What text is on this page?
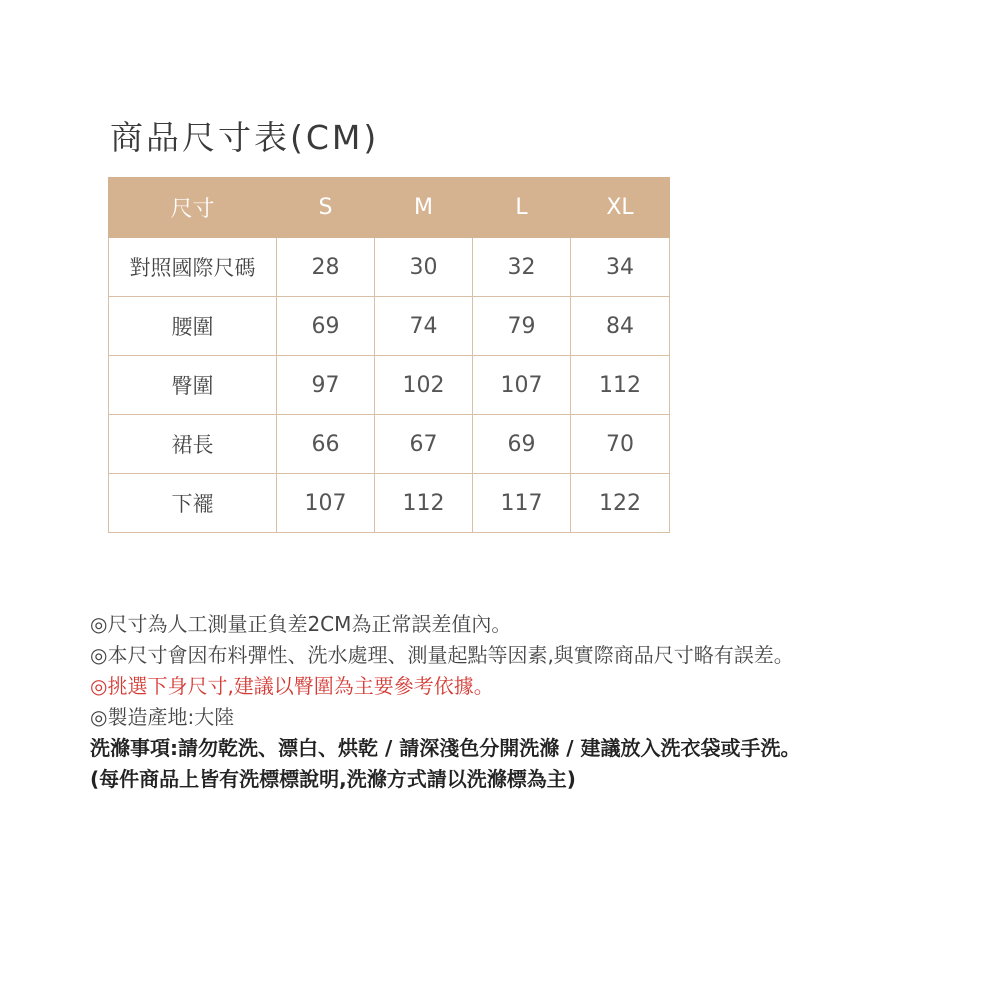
商品尺寸表(CM)
尺寸	S	M	L	XL
對照國際尺碼	28	30	32	34
腰圍	69	74	79	84
臀圍	97	102	107	112
裙長	66	67	69	70
下襬	107	112	117	122
◎尺寸為人工測量正負差2CM為正常誤差值內。
◎本尺寸會因布料彈性、洗水處理、測量起點等因素,與實際商品尺寸略有誤差。
◎挑選下身尺寸,建議以臀圍為主要參考依據。
◎製造產地:大陸
洗滌事項:請勿乾洗、漂白、烘乾 / 請深淺色分開洗滌 / 建議放入洗衣袋或手洗。
(每件商品上皆有洗標標說明,洗滌方式請以洗滌標為主)
